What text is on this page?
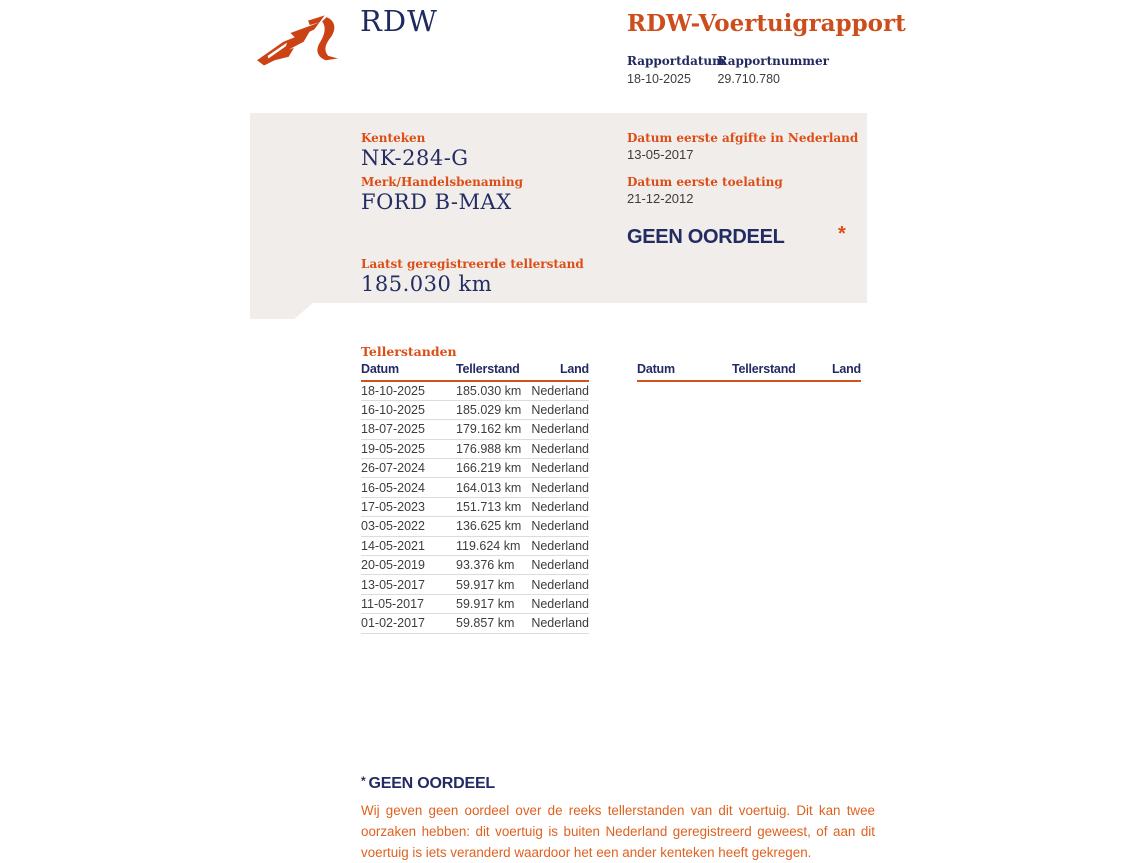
RDW	RDW-Voertuigrapport
Rapportdatum
18-10-2025

Rapportnummer
29.710.780
Kenteken
NK-284-G
Merk/Handelsbenaming
FORD B-MAX
Laatst geregistreerde tellerstand
185.030 km
Datum eerste afgifte in Nederland
13-05-2017
Datum eerste toelating
21-12-2012
GEEN OORDEEL	*
Tellerstanden
Datum	Tellerstand	Land
18-10-2025	185.030 km	Nederland
16-10-2025	185.029 km	Nederland
18-07-2025	179.162 km	Nederland
19-05-2025	176.988 km	Nederland
26-07-2024	166.219 km	Nederland
16-05-2024	164.013 km	Nederland
17-05-2023	151.713 km	Nederland
03-05-2022	136.625 km	Nederland
14-05-2021	119.624 km	Nederland
20-05-2019	93.376 km	Nederland
13-05-2017	59.917 km	Nederland
11-05-2017	59.917 km	Nederland
01-02-2017	59.857 km	Nederland
Datum	Tellerstand	Land
* GEEN OORDEEL

Wij geven geen oordeel over de reeks tellerstanden van dit voertuig. Dit kan twee oorzaken hebben: dit voertuig is buiten Nederland geregistreerd geweest, of aan dit voertuig is iets veranderd waardoor het een ander kenteken heeft gekregen.
